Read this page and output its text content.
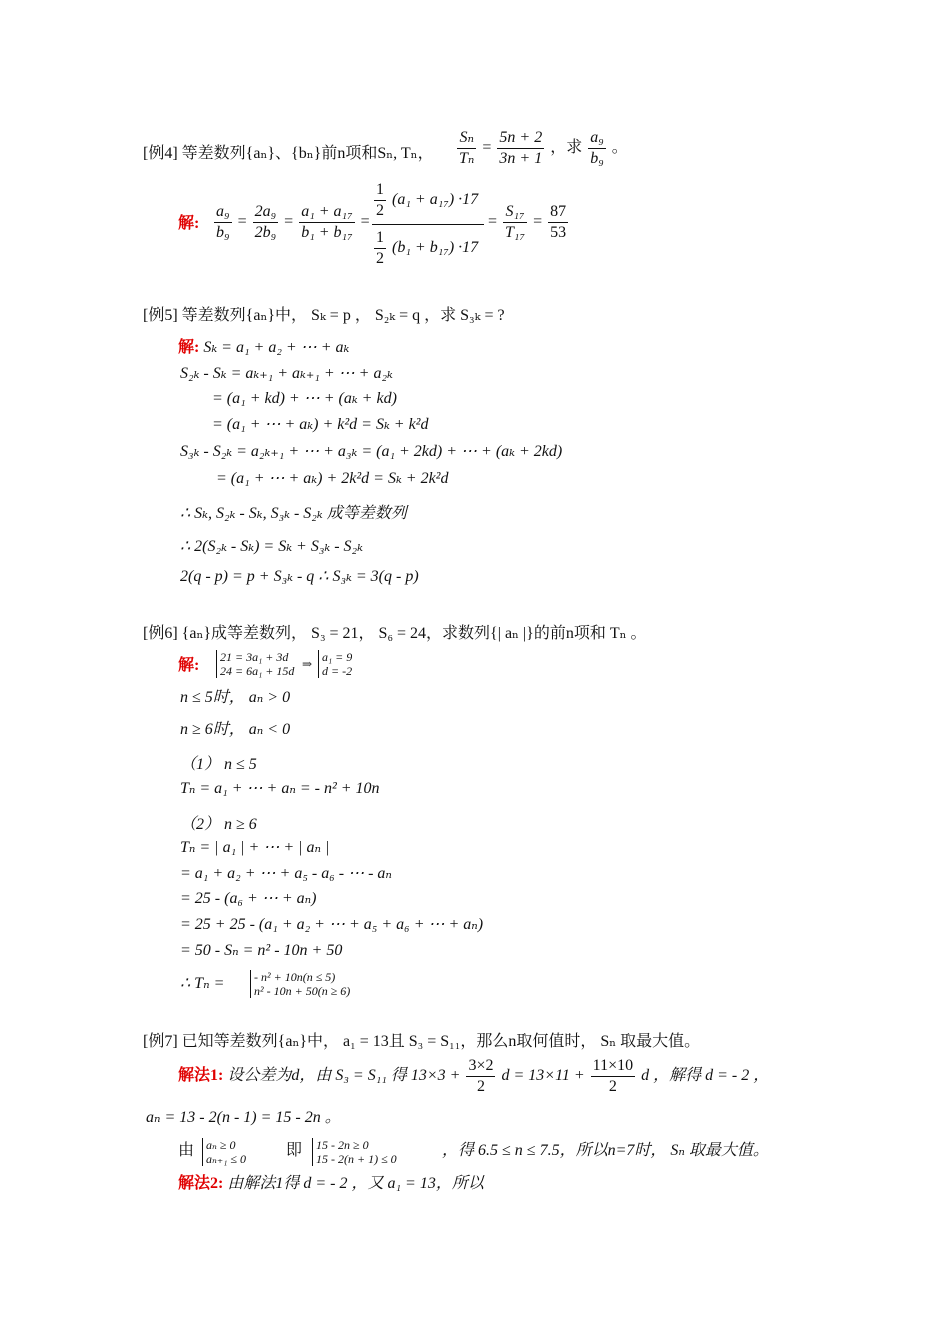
[例4] 等差数列{aₙ}、{bₙ}前n项和Sₙ, Tₙ， $\frac{\text{Sₙ}}{\text{Tₙ}} = \frac{5n + 2}{3n + 1}$ ，求 $\frac{\text{a₉}}{\text{b₉}}$ 。
解: $\frac{\text{a₉}}{\text{b₉}} = \frac{\text{2a₉}}{\text{2b₉}} = \frac{\text{a₁ + a₁₇}}{\text{b₁ + b₁₇}}$ =
$\frac{1}{2} (a_1 + a_{17}) \cdot 17$
$\frac{1}{2} (b_1 + b_{17}) \cdot 17$
= $\frac{\text{S₁₇}}{\text{T₁₇}} = \frac{87}{53}$
[例5] 等差数列{aₙ}中， Sₖ = p ， S₂ₖ = q ，求 S₃ₖ = ?
解: Sₖ = a₁ + a₂ + ⋯ + aₖ
S₂ₖ - Sₖ = aₖ₊₁ + aₖ₊₁ + ⋯ + a₂ₖ
= (a₁ + kd) + ⋯ + (aₖ + kd)
= (a₁ + ⋯ + aₖ) + k²d = Sₖ + k²d
S₃ₖ - S₂ₖ = a₂ₖ₊₁ + ⋯ + a₃ₖ = (a₁ + 2kd) + ⋯ + (aₖ + 2kd)
= (a₁ + ⋯ + aₖ) + 2k²d = Sₖ + 2k²d
∴ Sₖ, S₂ₖ - Sₖ, S₃ₖ - S₂ₖ 成等差数列
∴ 2(S₂ₖ - Sₖ) = Sₖ + S₃ₖ - S₂ₖ
2(q - p) = p + S₃ₖ - q ∴ S₃ₖ = 3(q - p)
[例6] {aₙ}成等差数列， S₃ = 21， S₆ = 24，求数列{| aₙ |}的前n项和 Tₙ 。
解: 21 = 3a₁ + 3d
24 = 6a₁ + 15d ⇒ a₁ = 9
d = -2
n ≤ 5时， aₙ > 0
n ≥ 6时， aₙ < 0
（1） n ≤ 5
Tₙ = a₁ + ⋯ + aₙ = - n² + 10n
（2） n ≥ 6
Tₙ = | a₁ | + ⋯ + | aₙ |
= a₁ + a₂ + ⋯ + a₅ - a₆ - ⋯ - aₙ
= 25 - (a₆ + ⋯ + aₙ)
= 25 + 25 - (a₁ + a₂ + ⋯ + a₅ + a₆ + ⋯ + aₙ)
= 50 - Sₙ = n² - 10n + 50
∴ Tₙ = - n² + 10n(n ≤ 5)
n² - 10n + 50(n ≥ 6)
[例7] 已知等差数列{aₙ}中， a₁ = 13且 S₃ = S₁₁，那么n取何值时， Sₙ 取最大值。
解法1: 设公差为d，由 S₃ = S₁₁ 得 $13\times 3 + \frac{3\times 2}{2}$ $d = 13\times 11 + \frac{11\times 10}{2}$ d ，解得 d = - 2 ，
aₙ = 13 - 2(n - 1) = 15 - 2n 。
由 aₙ ≥ 0
aₙ₊₁ ≤ 0	即 15 - 2n ≥ 0
15 - 2(n + 1) ≤ 0	，得 6.5 ≤ n ≤ 7.5，所以n=7时， Sₙ 取最大值。
解法2: 由解法1得 d = - 2 ，又 a₁ = 13，所以
